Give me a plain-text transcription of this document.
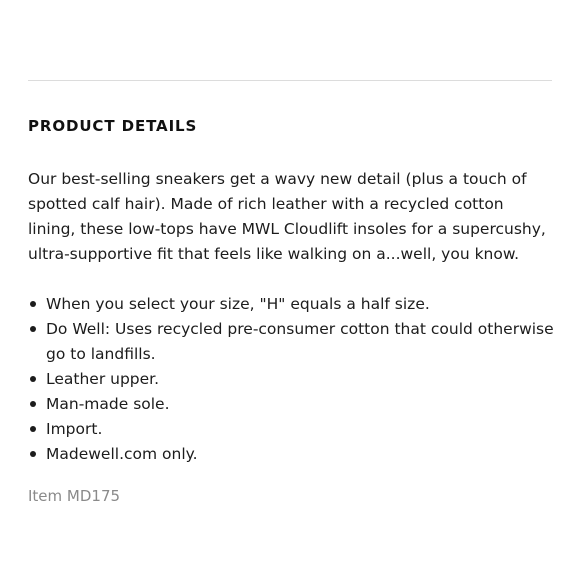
PRODUCT DETAILS

Our best-selling sneakers get a wavy new detail (plus a touch of spotted calf hair). Made of rich leather with a recycled cotton lining, these low-tops have MWL Cloudlift insoles for a supercushy, ultra-supportive fit that feels like walking on a...well, you know.

When you select your size, "H" equals a half size.
Do Well: Uses recycled pre-consumer cotton that could otherwise go to landfills.
Leather upper.
Man-made sole.
Import.
Madewell.com only.

Item MD175
